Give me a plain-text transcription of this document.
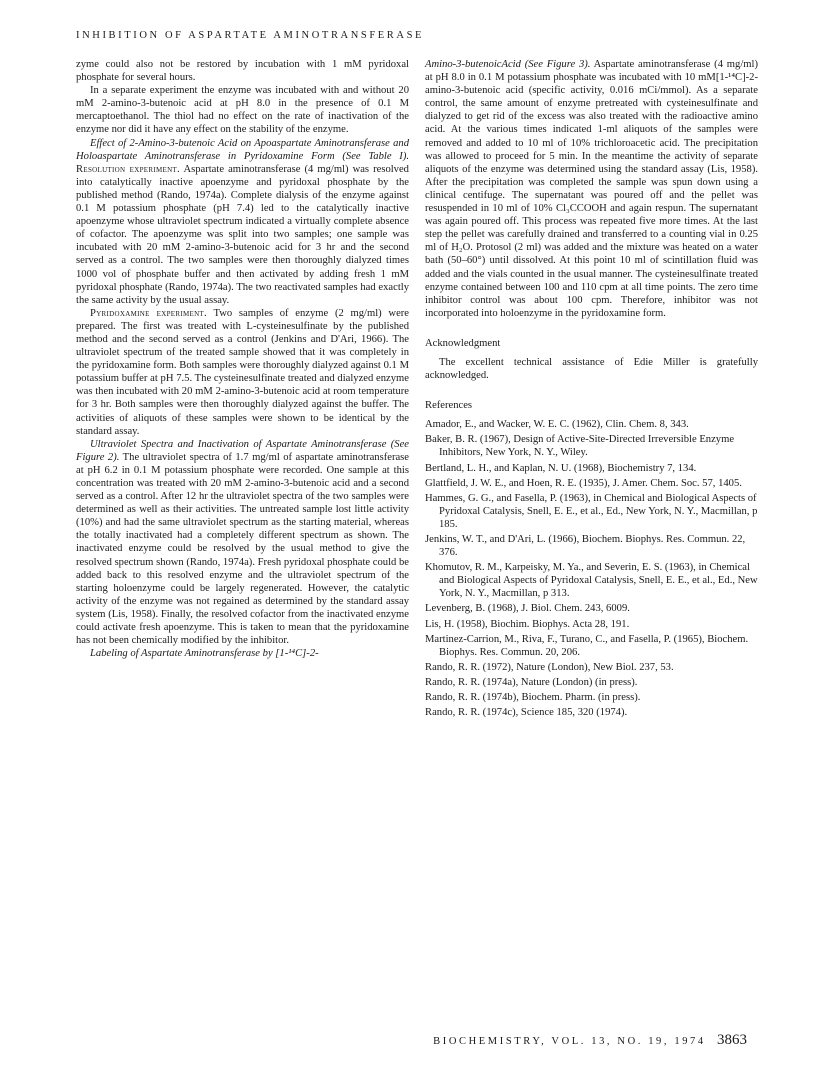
INHIBITION OF ASPARTATE AMINOTRANSFERASE

zyme could also not be restored by incubation with 1 mM pyridoxal phosphate for several hours.

In a separate experiment the enzyme was incubated with and without 20 mM 2-amino-3-butenoic acid at pH 8.0 in the presence of 0.1 M mercaptoethanol. The thiol had no effect on the rate of inactivation of the enzyme nor did it have any effect on the stability of the enzyme.

Effect of 2-Amino-3-butenoic Acid on Apoaspartate Aminotransferase and Holoaspartate Aminotransferase in Pyridoxamine Form (See Table I). Resolution experiment. Aspartate aminotransferase (4 mg/ml) was resolved into catalytically inactive apoenzyme and pyridoxal phosphate by the published method (Rando, 1974a). Complete dialysis of the enzyme against 0.1 M potassium phosphate (pH 7.4) led to the catalytically inactive apoenzyme whose ultraviolet spectrum indicated a virtually complete absence of cofactor. The apoenzyme was split into two samples; one sample was incubated with 20 mM 2-amino-3-butenoic acid for 3 hr and the second served as a control. The two samples were then thoroughly dialyzed times 1000 vol of phosphate buffer and then activated by adding fresh 1 mM pyridoxal phosphate (Rando, 1974a). The two reactivated samples had exactly the same activity by the usual assay.

Pyridoxamine experiment. Two samples of enzyme (2 mg/ml) were prepared. The first was treated with L-cysteinesulfinate by the published method and the second served as a control (Jenkins and D'Ari, 1966). The ultraviolet spectrum of the treated sample showed that it was completely in the pyridoxamine form. Both samples were thoroughly dialyzed against 0.1 M potassium buffer at pH 7.5. The cysteinesulfinate treated and dialyzed enzyme was then incubated with 20 mM 2-amino-3-butenoic acid at room temperature for 3 hr. Both samples were then thoroughly dialyzed against the buffer. The activities of aliquots of these samples were shown to be identical by the standard assay.

Ultraviolet Spectra and Inactivation of Aspartate Aminotransferase (See Figure 2). The ultraviolet spectra of 1.7 mg/ml of aspartate aminotransferase at pH 6.2 in 0.1 M potassium phosphate were recorded. One sample at this concentration was treated with 20 mM 2-amino-3-butenoic acid and a second served as a control. After 12 hr the ultraviolet spectra of the two samples were determined as well as their activities. The untreated sample lost little activity (10%) and had the same ultraviolet spectrum as the starting material, whereas the totally inactivated had a completely different spectrum as shown. The inactivated enzyme could be resolved by the usual method to give the resolved spectrum shown (Rando, 1974a). Fresh pyridoxal phosphate could be added back to this resolved enzyme and the ultraviolet spectrum of the starting holoenzyme could be largely regenerated. However, the catalytic activity of the enzyme was not regained as determined by the standard assay system (Lis, 1958). Finally, the resolved cofactor from the inactivated enzyme could activate fresh apoenzyme. This is taken to mean that the pyridoxamine has not been chemically modified by the inhibitor.

Labeling of Aspartate Aminotransferase by [1-¹⁴C]-2-

Amino-3-butenoicAcid (See Figure 3). Aspartate aminotransferase (4 mg/ml) at pH 8.0 in 0.1 M potassium phosphate was incubated with 10 mM[1-¹⁴C]-2-amino-3-butenoic acid (specific activity, 0.016 mCi/mmol). As a separate control, the same amount of enzyme pretreated with cysteinesulfinate and dialyzed to get rid of the excess was also treated with the radioactive amino acid. At the various times indicated 1-ml aliquots of the samples were removed and added to 10 ml of 10% trichloroacetic acid. The precipitation was allowed to proceed for 5 min. In the meantime the activity of separate aliquots of the enzyme was determined using the standard assay (Lis, 1958). After the precipitation was completed the sample was spun down using a clinical centifuge. The supernatant was poured off and the pellet was resuspended in 10 ml of 10% Cl₃CCOOH and again respun. The supernatant was again poured off. This process was repeated five more times. At the last step the pellet was carefully drained and transferred to a counting vial in 0.25 ml of H₂O. Protosol (2 ml) was added and the mixture was heated on a water bath (50–60°) until dissolved. At this point 10 ml of scintillation fluid was added and the vials counted in the usual manner. The cysteinesulfinate treated enzyme contained between 100 and 110 cpm at all time points. The zero time inhibitor control was about 100 cpm. Therefore, inhibitor was not incorporated into holoenzyme in the pyridoxamine form.

Acknowledgment

The excellent technical assistance of Edie Miller is gratefully acknowledged.

References
Amador, E., and Wacker, W. E. C. (1962), Clin. Chem. 8, 343.
Baker, B. R. (1967), Design of Active-Site-Directed Irreversible Enzyme Inhibitors, New York, N. Y., Wiley.
Bertland, L. H., and Kaplan, N. U. (1968), Biochemistry 7, 134.
Glattfield, J. W. E., and Hoen, R. E. (1935), J. Amer. Chem. Soc. 57, 1405.
Hammes, G. G., and Fasella, P. (1963), in Chemical and Biological Aspects of Pyridoxal Catalysis, Snell, E. E., et al., Ed., New York, N. Y., Macmillan, p 185.
Jenkins, W. T., and D'Ari, L. (1966), Biochem. Biophys. Res. Commun. 22, 376.
Khomutov, R. M., Karpeisky, M. Ya., and Severin, E. S. (1963), in Chemical and Biological Aspects of Pyridoxal Catalysis, Snell, E. E., et al., Ed., New York, N. Y., Macmillan, p 313.
Levenberg, B. (1968), J. Biol. Chem. 243, 6009.
Lis, H. (1958), Biochim. Biophys. Acta 28, 191.
Martinez-Carrion, M., Riva, F., Turano, C., and Fasella, P. (1965), Biochem. Biophys. Res. Commun. 20, 206.
Rando, R. R. (1972), Nature (London), New Biol. 237, 53.
Rando, R. R. (1974a), Nature (London) (in press).
Rando, R. R. (1974b), Biochem. Pharm. (in press).
Rando, R. R. (1974c), Science 185, 320 (1974).
BIOCHEMISTRY, VOL. 13, NO. 19, 1974 3863
